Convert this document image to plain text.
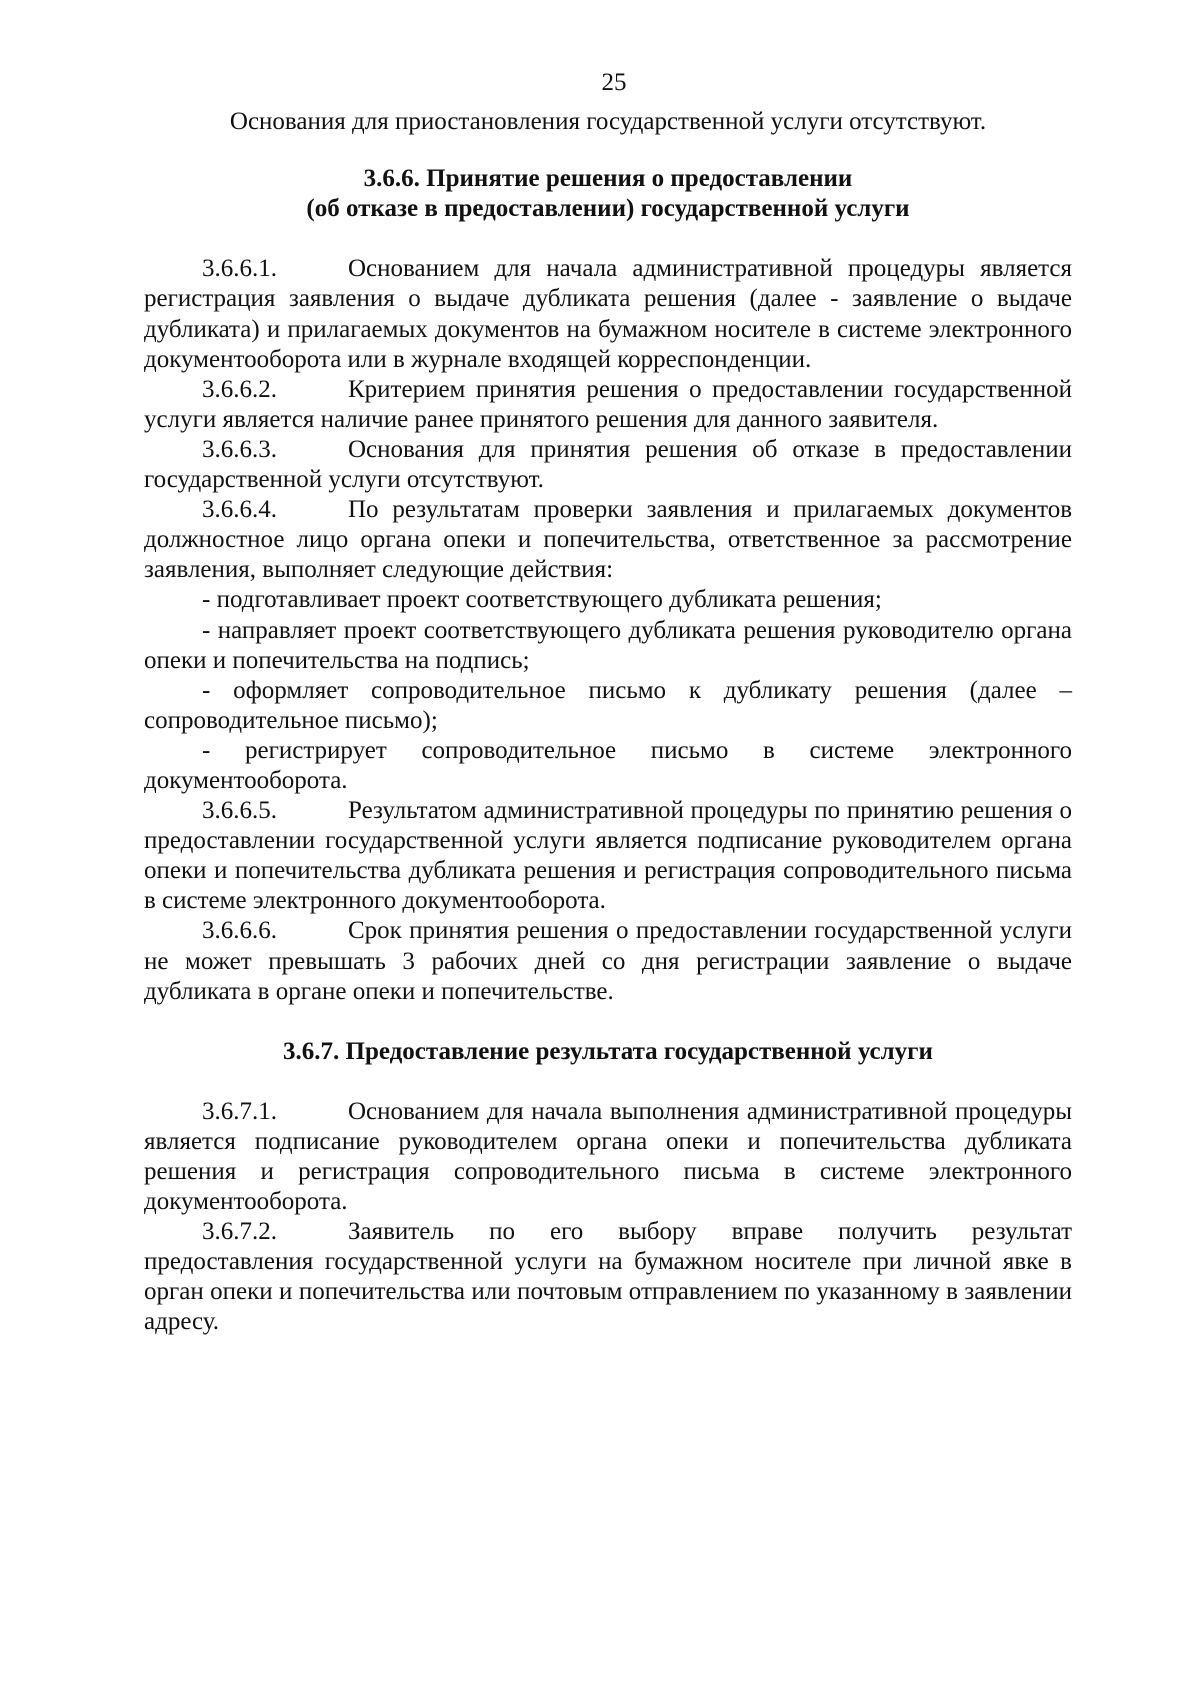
25

Основания для приостановления государственной услуги отсутствуют.

3.6.6. Принятие решения о предоставлении
(об отказе в предоставлении) государственной услуги

3.6.6.1.	Основанием для начала административной процедуры является регистрация заявления о выдаче дубликата решения (далее - заявление о выдаче дубликата) и прилагаемых документов на бумажном носителе в системе электронного документооборота или в журнале входящей корреспонденции.

3.6.6.2.	Критерием принятия решения о предоставлении государственной услуги является наличие ранее принятого решения для данного заявителя.

3.6.6.3.	Основания для принятия решения об отказе в предоставлении государственной услуги отсутствуют.

3.6.6.4.	По результатам проверки заявления и прилагаемых документов должностное лицо органа опеки и попечительства, ответственное за рассмотрение заявления, выполняет следующие действия:

- подготавливает проект соответствующего дубликата решения;

- направляет проект соответствующего дубликата решения руководителю органа опеки и попечительства на подпись;

- оформляет сопроводительное письмо к дубликату решения (далее – сопроводительное письмо);

- регистрирует сопроводительное письмо в системе электронного документооборота.

3.6.6.5.	Результатом административной процедуры по принятию решения о предоставлении государственной услуги является подписание руководителем органа опеки и попечительства дубликата решения и регистрация сопроводительного письма в системе электронного документооборота.

3.6.6.6.	Срок принятия решения о предоставлении государственной услуги не может превышать 3 рабочих дней со дня регистрации заявление о выдаче дубликата в органе опеки и попечительстве.

3.6.7. Предоставление результата государственной услуги

3.6.7.1.	Основанием для начала выполнения административной процедуры является подписание руководителем органа опеки и попечительства дубликата решения и регистрация сопроводительного письма в системе электронного документооборота.

3.6.7.2.	Заявитель по его выбору вправе получить результат предоставления государственной услуги на бумажном носителе при личной явке в орган опеки и попечительства или почтовым отправлением по указанному в заявлении адресу.
